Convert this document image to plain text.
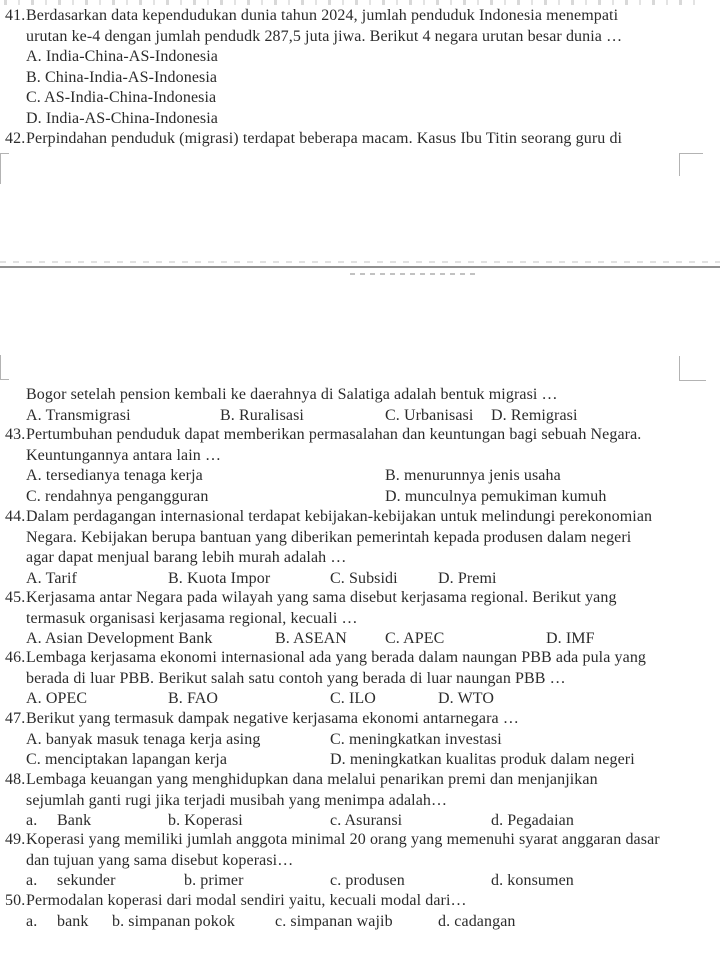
41. Berdasarkan data kependudukan dunia tahun 2024, jumlah penduduk Indonesia menempati
urutan ke-4 dengan jumlah pendudk 287,5 juta jiwa. Berikut 4 negara urutan besar dunia …
A. India-China-AS-Indonesia
B. China-India-AS-Indonesia
C. AS-India-China-Indonesia
D. India-AS-China-Indonesia
42. Perpindahan penduduk (migrasi) terdapat beberapa macam. Kasus Ibu Titin seorang guru di
Bogor setelah pension kembali ke daerahnya di Salatiga adalah bentuk migrasi …
A. Transmigrasi	B. Ruralisasi	C. Urbanisasi D. Remigrasi
43. Pertumbuhan penduduk dapat memberikan permasalahan dan keuntungan bagi sebuah Negara.
Keuntungannya antara lain …
A. tersedianya tenaga kerja	B. menurunnya jenis usaha
C. rendahnya pengangguran	D. munculnya pemukiman kumuh
44. Dalam perdagangan internasional terdapat kebijakan-kebijakan untuk melindungi perekonomian
Negara. Kebijakan berupa bantuan yang diberikan pemerintah kepada produsen dalam negeri
agar dapat menjual barang lebih murah adalah …
A. Tarif	B. Kuota Impor	C. Subsidi	D. Premi
45. Kerjasama antar Negara pada wilayah yang sama disebut kerjasama regional. Berikut yang
termasuk organisasi kerjasama regional, kecuali …
A. Asian Development Bank	B. ASEAN C. APEC	D. IMF
46. Lembaga kerjasama ekonomi internasional ada yang berada dalam naungan PBB ada pula yang
berada di luar PBB. Berikut salah satu contoh yang berada di luar naungan PBB …
A. OPEC	B. FAO	C. ILO	D. WTO
47. Berikut yang termasuk dampak negative kerjasama ekonomi antarnegara …
A. banyak masuk tenaga kerja asing	C. meningkatkan investasi
C. menciptakan lapangan kerja	D. meningkatkan kualitas produk dalam negeri
48. Lembaga keuangan yang menghidupkan dana melalui penarikan premi dan menjanjikan
sejumlah ganti rugi jika terjadi musibah yang menimpa adalah…
a. Bank	b. Koperasi	c. Asuransi	d. Pegadaian
49. Koperasi yang memiliki jumlah anggota minimal 20 orang yang memenuhi syarat anggaran dasar
dan tujuan yang sama disebut koperasi…
a. sekunder	b. primer	c. produsen	d. konsumen
50. Permodalan koperasi dari modal sendiri yaitu, kecuali modal dari…
a. bank b. simpanan pokok c. simpanan wajib	d. cadangan
